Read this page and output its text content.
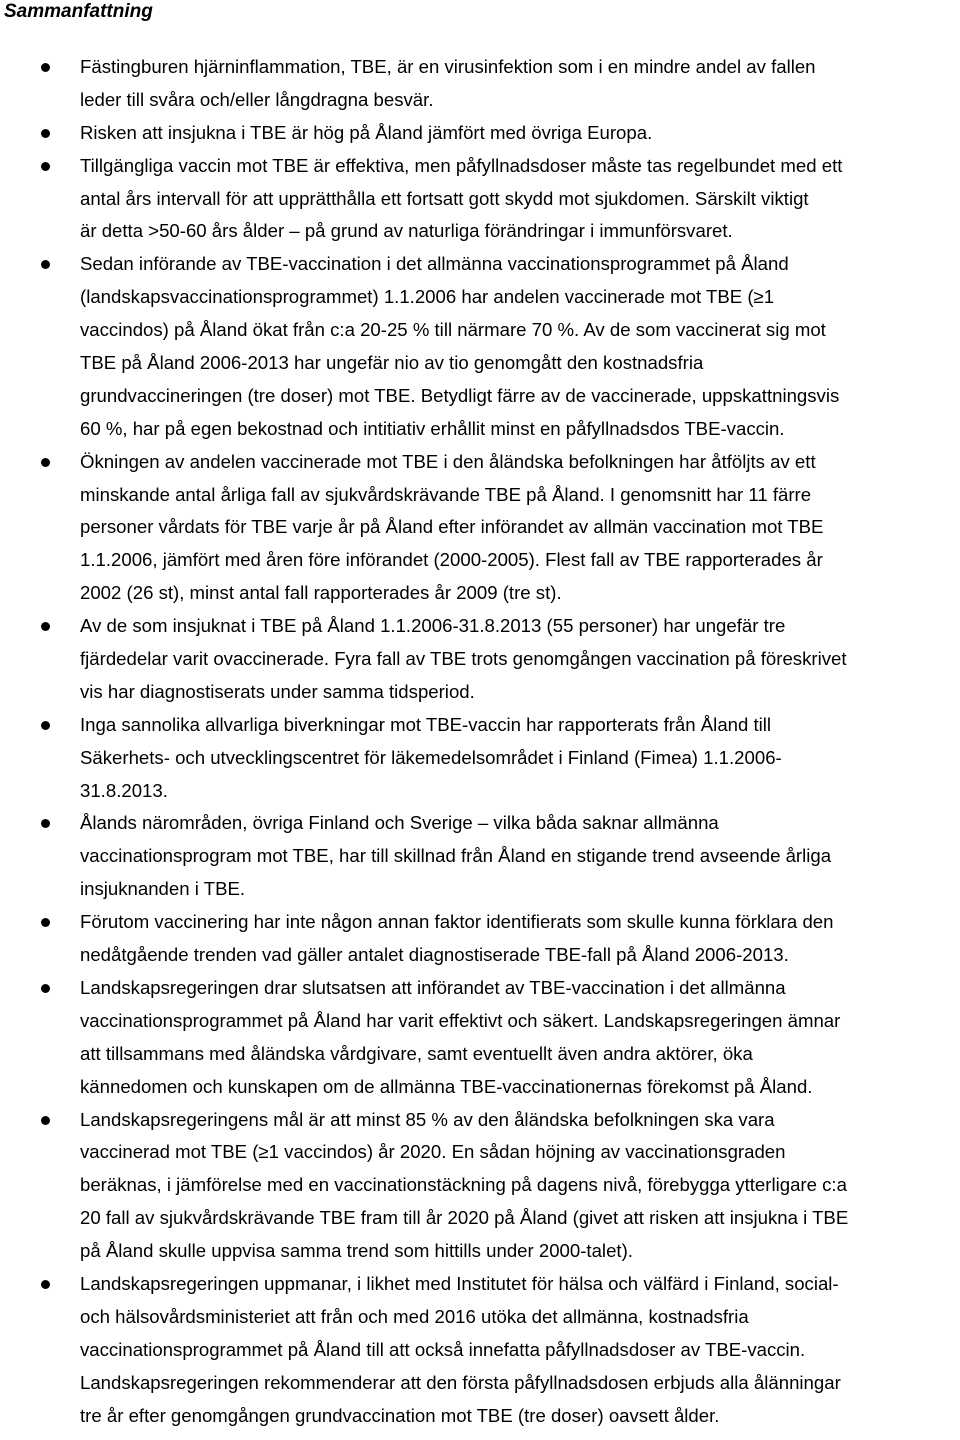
Sammanfattning
Fästingburen hjärninflammation, TBE, är en virusinfektion som i en mindre andel av fallen
leder till svåra och/eller långdragna besvär.
Risken att insjukna i TBE är hög på Åland jämfört med övriga Europa.
Tillgängliga vaccin mot TBE är effektiva, men påfyllnadsdoser måste tas regelbundet med ett
antal års intervall för att upprätthålla ett fortsatt gott skydd mot sjukdomen. Särskilt viktigt
är detta >50-60 års ålder – på grund av naturliga förändringar i immunförsvaret.
Sedan införande av TBE-vaccination i det allmänna vaccinationsprogrammet på Åland
(landskapsvaccinationsprogrammet) 1.1.2006 har andelen vaccinerade mot TBE (≥1
vaccindos) på Åland ökat från c:a 20-25 % till närmare 70 %. Av de som vaccinerat sig mot
TBE på Åland 2006-2013 har ungefär nio av tio genomgått den kostnadsfria
grundvaccineringen (tre doser) mot TBE. Betydligt färre av de vaccinerade, uppskattningsvis
60 %, har på egen bekostnad och intitiativ erhållit minst en påfyllnadsdos TBE-vaccin.
Ökningen av andelen vaccinerade mot TBE i den åländska befolkningen har åtföljts av ett
minskande antal årliga fall av sjukvårdskrävande TBE på Åland. I genomsnitt har 11 färre
personer vårdats för TBE varje år på Åland efter införandet av allmän vaccination mot TBE
1.1.2006, jämfört med åren före införandet (2000-2005). Flest fall av TBE rapporterades år
2002 (26 st), minst antal fall rapporterades år 2009 (tre st).
Av de som insjuknat i TBE på Åland 1.1.2006-31.8.2013 (55 personer) har ungefär tre
fjärdedelar varit ovaccinerade. Fyra fall av TBE trots genomgången vaccination på föreskrivet
vis har diagnostiserats under samma tidsperiod.
Inga sannolika allvarliga biverkningar mot TBE-vaccin har rapporterats från Åland till
Säkerhets- och utvecklingscentret för läkemedelsområdet i Finland (Fimea) 1.1.2006-
31.8.2013.
Ålands närområden, övriga Finland och Sverige – vilka båda saknar allmänna
vaccinationsprogram mot TBE, har till skillnad från Åland en stigande trend avseende årliga
insjuknanden i TBE.
Förutom vaccinering har inte någon annan faktor identifierats som skulle kunna förklara den
nedåtgående trenden vad gäller antalet diagnostiserade TBE-fall på Åland 2006-2013.
Landskapsregeringen drar slutsatsen att införandet av TBE-vaccination i det allmänna
vaccinationsprogrammet på Åland har varit effektivt och säkert. Landskapsregeringen ämnar
att tillsammans med åländska vårdgivare, samt eventuellt även andra aktörer, öka
kännedomen och kunskapen om de allmänna TBE-vaccinationernas förekomst på Åland.
Landskapsregeringens mål är att minst 85 % av den åländska befolkningen ska vara
vaccinerad mot TBE (≥1 vaccindos) år 2020. En sådan höjning av vaccinationsgraden
beräknas, i jämförelse med en vaccinationstäckning på dagens nivå, förebygga ytterligare c:a
20 fall av sjukvårdskrävande TBE fram till år 2020 på Åland (givet att risken att insjukna i TBE
på Åland skulle uppvisa samma trend som hittills under 2000-talet).
Landskapsregeringen uppmanar, i likhet med Institutet för hälsa och välfärd i Finland, social-
och hälsovårdsministeriet att från och med 2016 utöka det allmänna, kostnadsfria
vaccinationsprogrammet på Åland till att också innefatta påfyllnadsdoser av TBE-vaccin.
Landskapsregeringen rekommenderar att den första påfyllnadsdosen erbjuds alla ålänningar
tre år efter genomgången grundvaccination mot TBE (tre doser) oavsett ålder.
